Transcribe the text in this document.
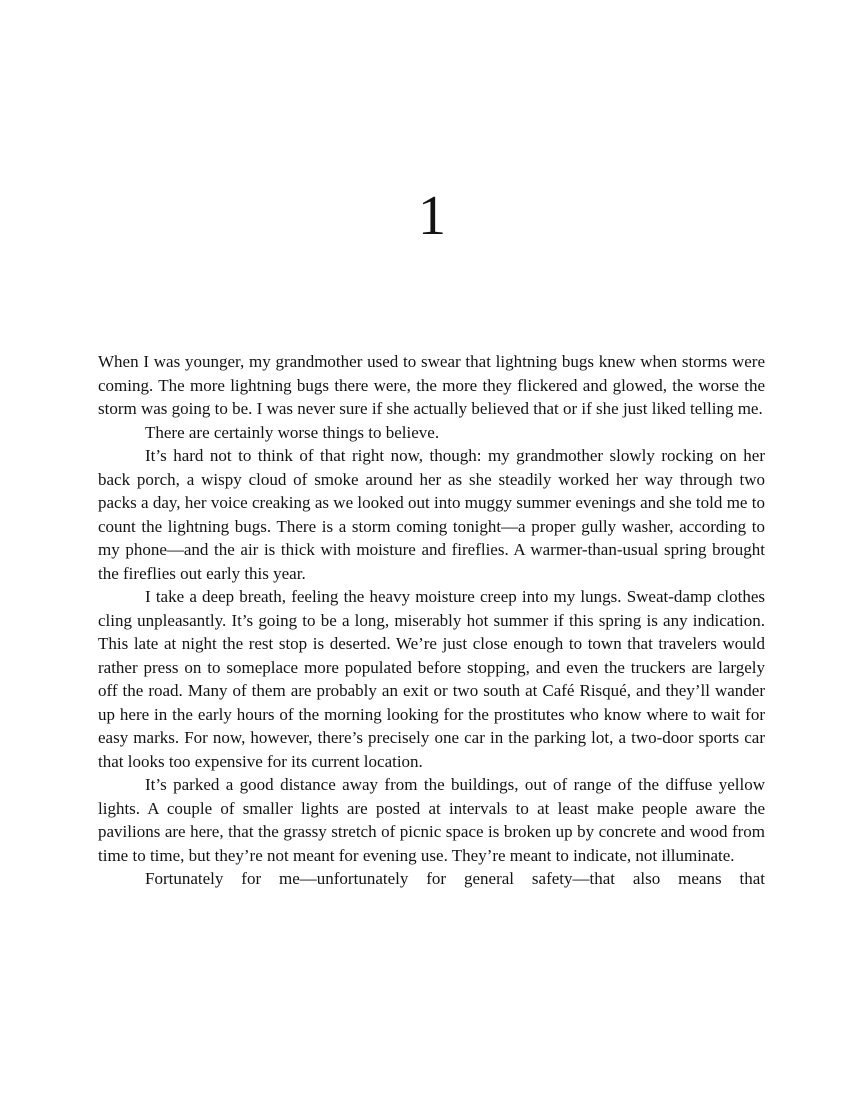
1

When I was younger, my grandmother used to swear that lightning bugs knew when storms were coming. The more lightning bugs there were, the more they flickered and glowed, the worse the storm was going to be. I was never sure if she actually believed that or if she just liked telling me.

There are certainly worse things to believe.

It’s hard not to think of that right now, though: my grandmother slowly rocking on her back porch, a wispy cloud of smoke around her as she steadily worked her way through two packs a day, her voice creaking as we looked out into muggy summer evenings and she told me to count the lightning bugs. There is a storm coming tonight—a proper gully washer, according to my phone—and the air is thick with moisture and fireflies. A warmer-than-usual spring brought the fireflies out early this year.

I take a deep breath, feeling the heavy moisture creep into my lungs. Sweat-damp clothes cling unpleasantly. It’s going to be a long, miserably hot summer if this spring is any indication. This late at night the rest stop is deserted. We’re just close enough to town that travelers would rather press on to someplace more populated before stopping, and even the truckers are largely off the road. Many of them are probably an exit or two south at Café Risqué, and they’ll wander up here in the early hours of the morning looking for the prostitutes who know where to wait for easy marks. For now, however, there’s precisely one car in the parking lot, a two-door sports car that looks too expensive for its current location.

It’s parked a good distance away from the buildings, out of range of the diffuse yellow lights. A couple of smaller lights are posted at intervals to at least make people aware the pavilions are here, that the grassy stretch of picnic space is broken up by concrete and wood from time to time, but they’re not meant for evening use. They’re meant to indicate, not illuminate.

Fortunately for me—unfortunately for general safety—that also means that
